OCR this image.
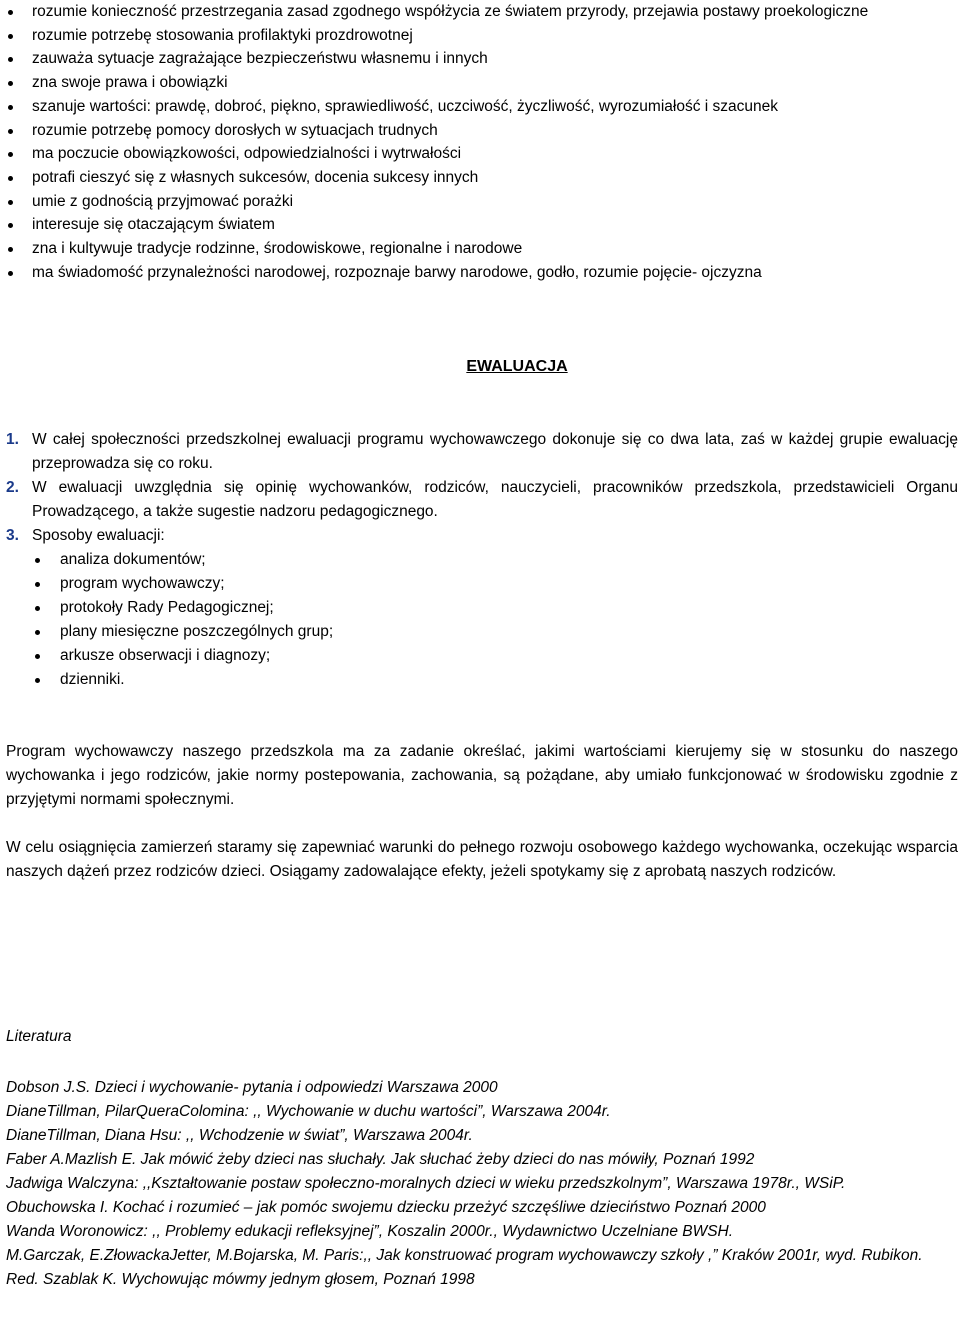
rozumie konieczność przestrzegania zasad zgodnego współżycia ze światem przyrody, przejawia postawy proekologiczne
rozumie potrzebę stosowania profilaktyki prozdrowotnej
zauważa sytuacje zagrażające bezpieczeństwu własnemu i innych
zna swoje prawa i obowiązki
szanuje wartości: prawdę, dobroć, piękno, sprawiedliwość, uczciwość, życzliwość, wyrozumiałość i szacunek
rozumie potrzebę pomocy dorosłych w sytuacjach trudnych
ma poczucie obowiązkowości, odpowiedzialności i wytrwałości
potrafi cieszyć się z własnych sukcesów, docenia sukcesy innych
umie z godnością przyjmować porażki
interesuje się otaczającym światem
zna i kultywuje tradycje rodzinne, środowiskowe, regionalne i narodowe
ma świadomość przynależności narodowej, rozpoznaje barwy narodowe, godło, rozumie pojęcie- ojczyzna
EWALUACJA
1. W całej społeczności przedszkolnej ewaluacji programu wychowawczego dokonuje się co dwa lata, zaś w każdej grupie ewaluację przeprowadza się co roku.
2. W ewaluacji uwzględnia się opinię wychowanków, rodziców, nauczycieli, pracowników przedszkola, przedstawicieli Organu Prowadzącego, a także sugestie nadzoru pedagogicznego.
3. Sposoby ewaluacji:
analiza dokumentów;
program wychowawczy;
protokoły Rady Pedagogicznej;
plany miesięczne poszczególnych grup;
arkusze obserwacji i diagnozy;
dzienniki.
Program wychowawczy naszego przedszkola ma za zadanie określać, jakimi wartościami kierujemy się w stosunku do naszego wychowanka i jego rodziców, jakie normy postepowania, zachowania, są pożądane, aby umiało funkcjonować w środowisku zgodnie z przyjętymi normami społecznymi.
W celu osiągnięcia zamierzeń staramy się zapewniać warunki do pełnego rozwoju osobowego każdego wychowanka, oczekując wsparcia naszych dążeń przez rodziców dzieci. Osiągamy zadowalające efekty, jeżeli spotykamy się z aprobatą naszych rodziców.
Literatura
Dobson J.S. Dzieci i wychowanie- pytania i odpowiedzi Warszawa 2000
DianeTillman, PilarQueraColomina: ,, Wychowanie w duchu wartości”, Warszawa 2004r.
DianeTillman, Diana Hsu: ,, Wchodzenie w świat”, Warszawa 2004r.
Faber A.Mazlish E. Jak mówić żeby dzieci nas słuchały. Jak słuchać żeby dzieci do nas mówiły, Poznań 1992
Jadwiga Walczyna: ,,Kształtowanie postaw społeczno-moralnych dzieci w wieku przedszkolnym”, Warszawa 1978r., WSiP.
Obuchowska I. Kochać i rozumieć – jak pomóc swojemu dziecku przeżyć szczęśliwe dzieciństwo Poznań 2000
Wanda Woronowicz: ,, Problemy edukacji refleksyjnej”, Koszalin 2000r., Wydawnictwo Uczelniane BWSH.
M.Garczak, E.ZłowackaJetter, M.Bojarska, M. Paris:,, Jak konstruować program wychowawczy szkoły ,” Kraków 2001r, wyd. Rubikon.
Red. Szablak K. Wychowując mówmy jednym głosem, Poznań 1998
